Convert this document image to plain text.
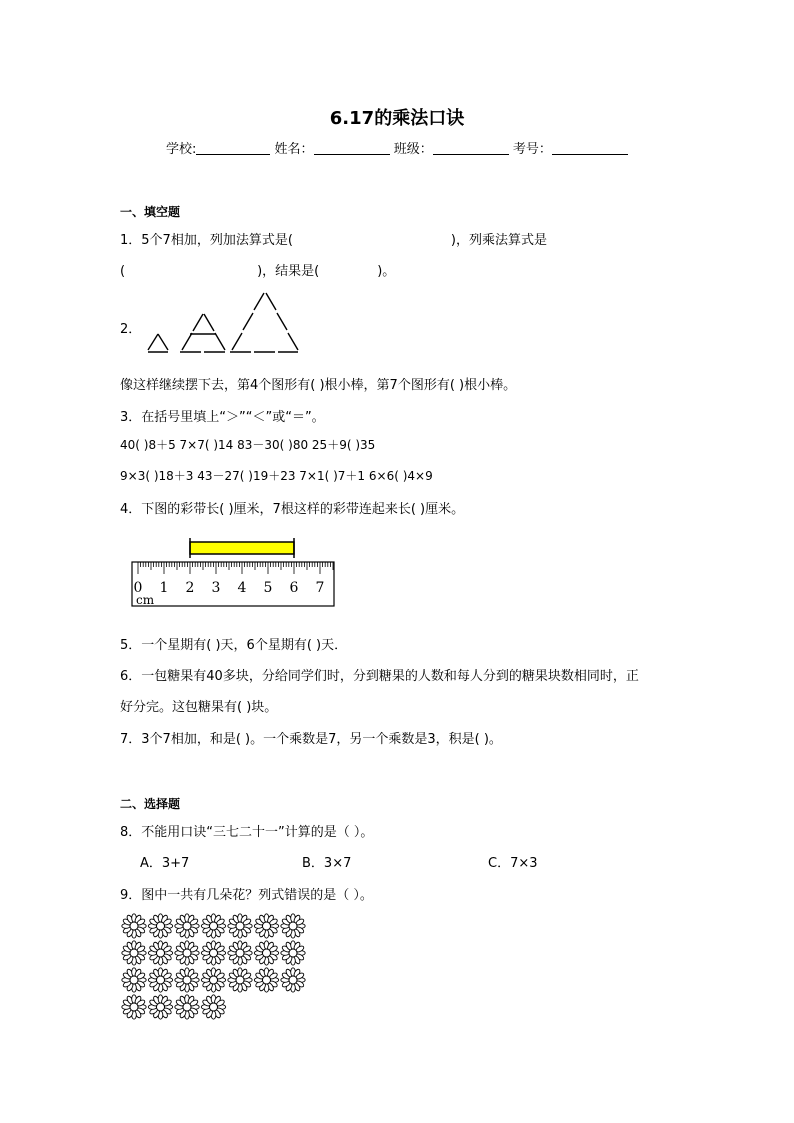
6.17的乘法口诀
学校:	姓名：	班级：	考号：
一、填空题
1．5个7相加，列加法算式是(	)，列乘法算式是
(	)，结果是(	)。
2．
像这样继续摆下去，第4个图形有( )根小棒，第7个图形有( )根小棒。
3．在括号里填上“＞”“＜”或“＝”。
40( )8＋5 7×7( )14 83－30( )80 25＋9( )35
9×3( )18＋3 43－27( )19＋23 7×1( )7＋1 6×6( )4×9
4．下图的彩带长( )厘米，7根这样的彩带连起来长( )厘米。
0 1 2 3 4 5 6 7
cm
5．一个星期有( )天，6个星期有( )天．
6．一包糖果有40多块，分给同学们时，分到糖果的人数和每人分到的糖果块数相同时，正
好分完。这包糖果有( )块。
7．3个7相加，和是( )。一个乘数是7，另一个乘数是3，积是( )。
二、选择题
8．不能用口诀“三七二十一”计算的是（ ）。
A．3+7	B．3×7	C．7×3
9．图中一共有几朵花？列式错误的是（ ）。
